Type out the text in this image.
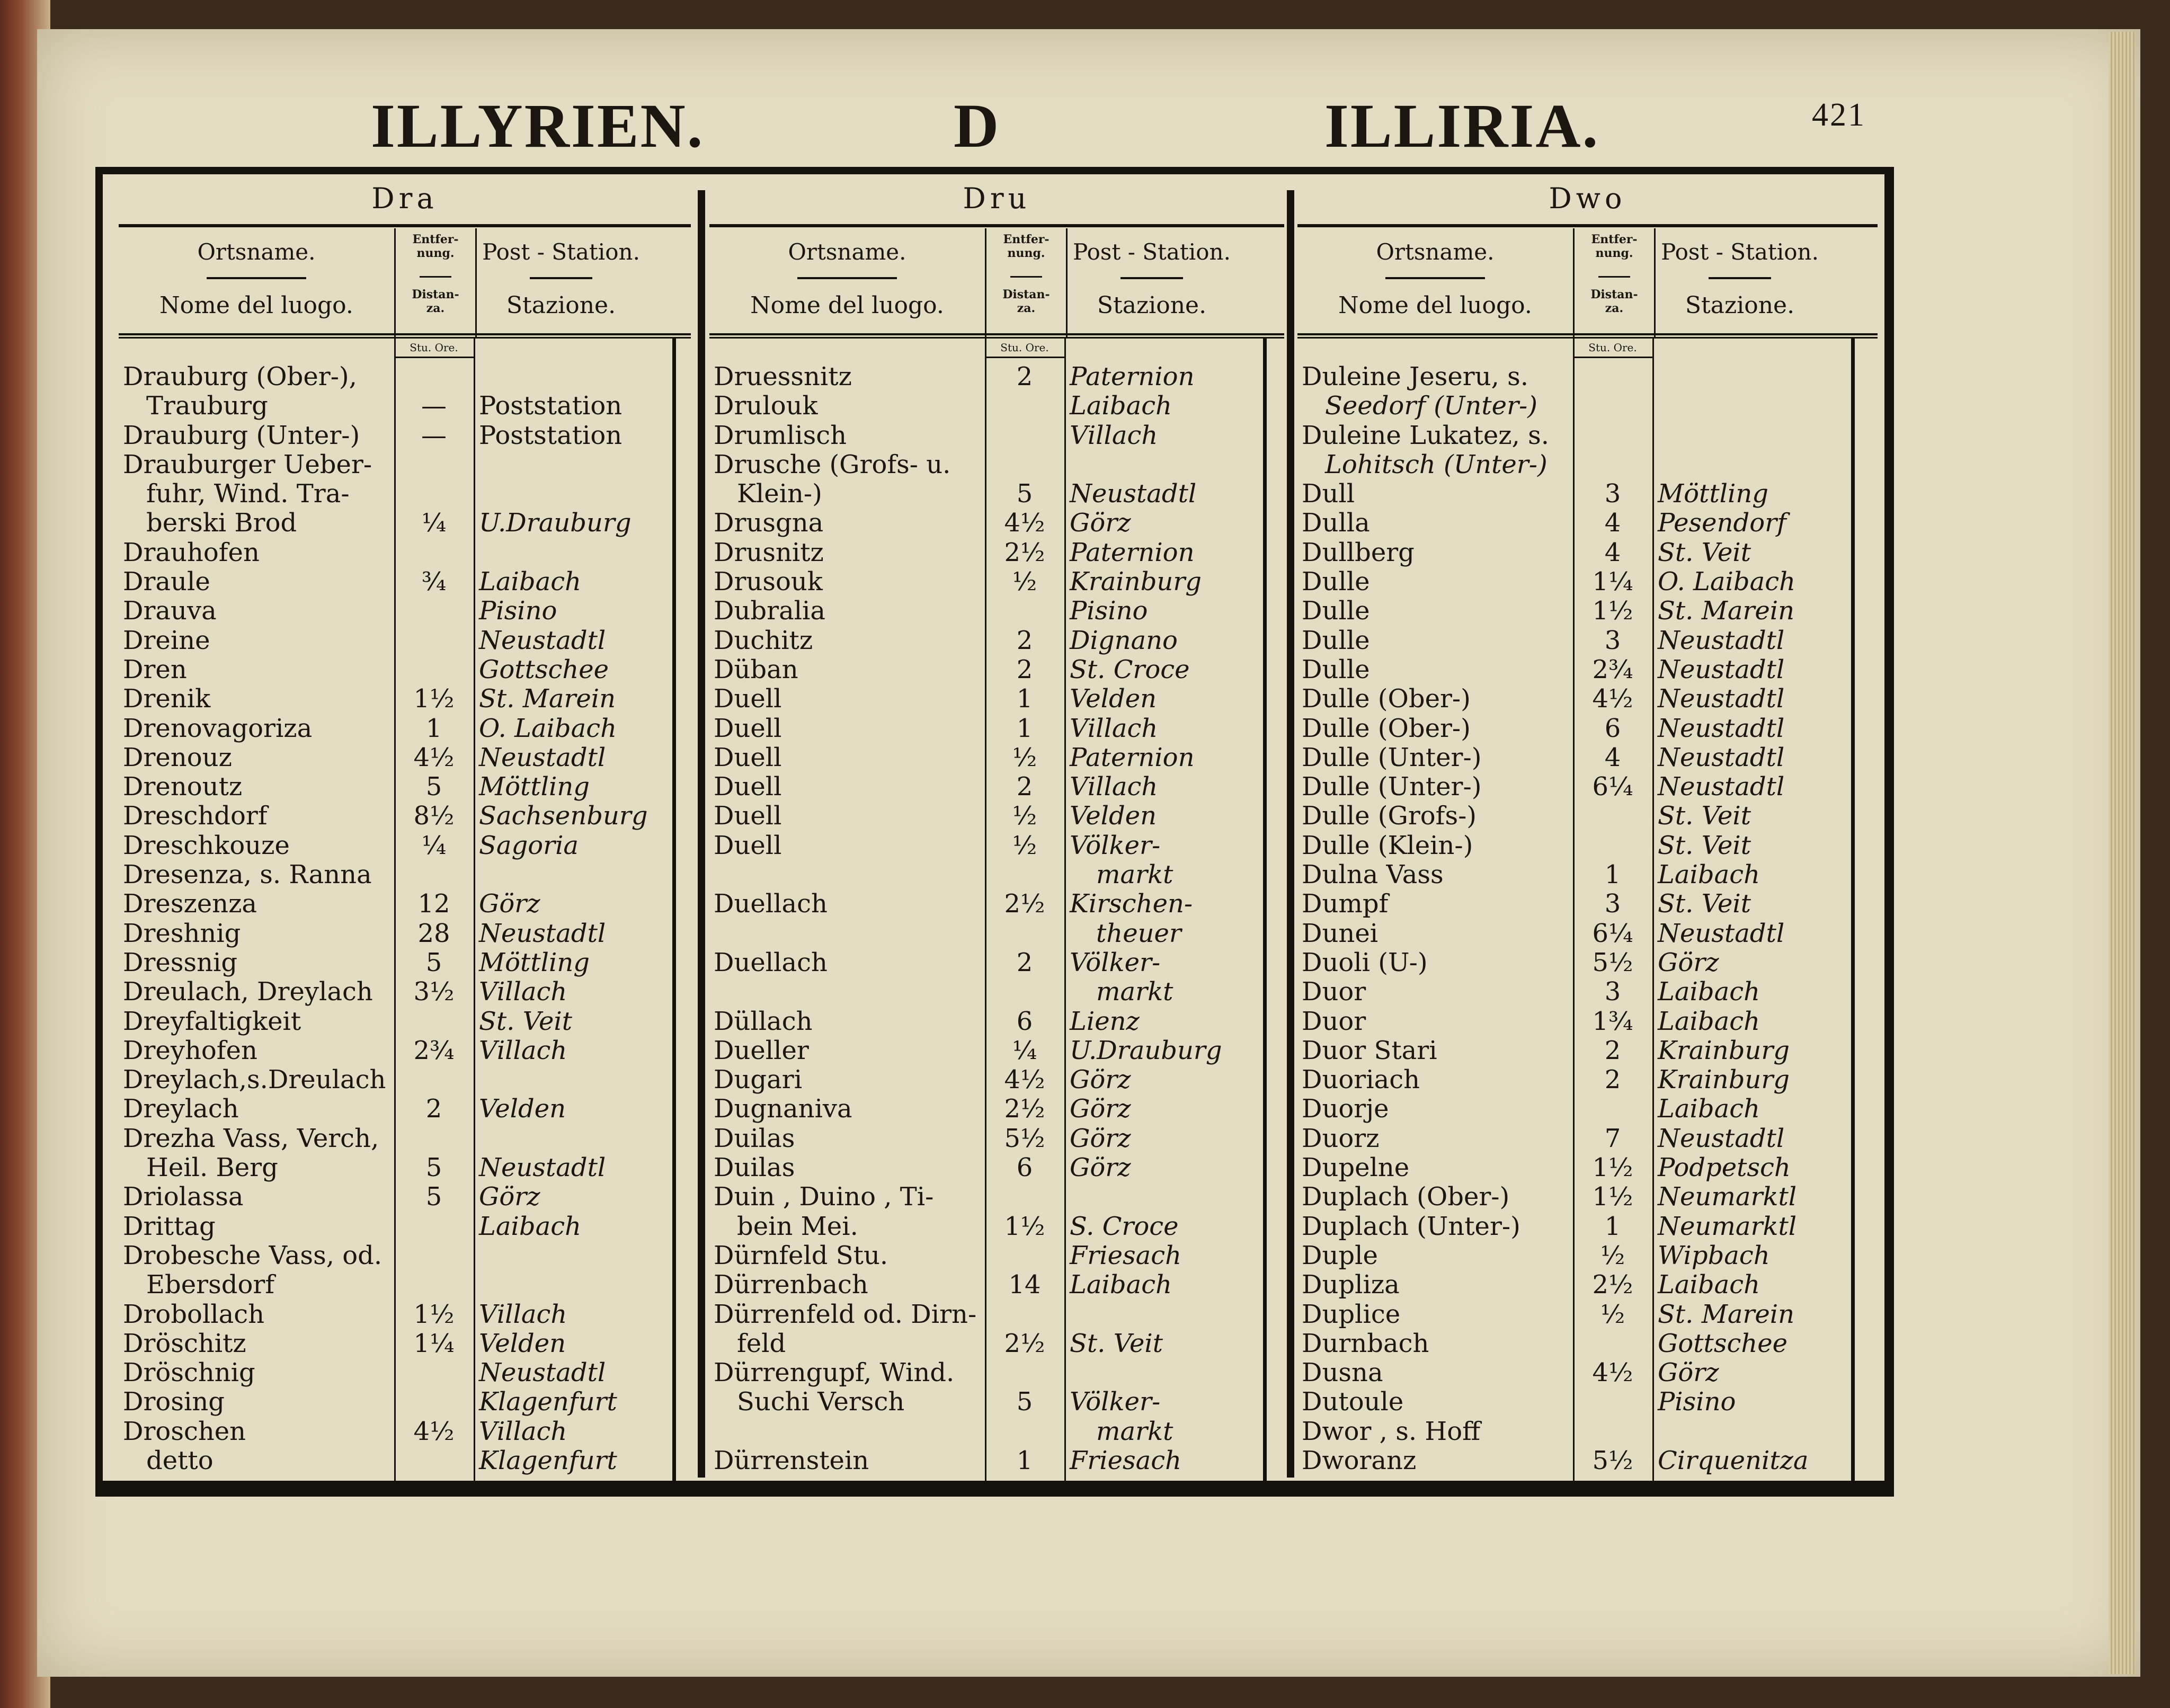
ILLYRIEN.	D	ILLIRIA.	421
Dra
Ortsname.
Nome del luogo.
Entfer-
nung.
Distan-
za.
Post - Station.
Stazione.
Stu. Ore.
Drauburg (Ober-),
Trauburg	—	Poststation
Drauburg (Unter-)	—	Poststation
Drauburger Ueber-
fuhr, Wind. Tra-
berski Brod	¼	U.Drauburg
Drauhofen
Draule	¾	Laibach
Drauva	Pisino
Dreine	Neustadtl
Dren	Gottschee
Drenik	1½ St. Marein
Drenovagoriza	1	O. Laibach
Drenouz	4½ Neustadtl
Drenoutz	5	Möttling
Dreschdorf	8½ Sachsenburg
Dreschkouze	¼	Sagoria
Dresenza, s. Ranna
Dreszenza	12	Görz
Dreshnig	28	Neustadtl
Dressnig	5	Möttling
Dreulach, Dreylach	3½ Villach
Dreyfaltigkeit	St. Veit
Dreyhofen	2¾ Villach
Dreylach,s.Dreulach
Dreylach	2	Velden
Drezha Vass, Verch,
Heil. Berg	5	Neustadtl
Driolassa	5	Görz
Drittag	Laibach
Drobesche Vass, od.
Ebersdorf
Drobollach	1½ Villach
Dröschitz	1¼ Velden
Dröschnig	Neustadtl
Drosing	Klagenfurt
Droschen	4½ Villach
detto	Klagenfurt
Dru
Ortsname.
Nome del luogo.
Entfer-
nung.
Distan-
za.
Post - Station.
Stazione.
Stu. Ore.
Druessnitz	2	Paternion
Drulouk	Laibach
Drumlisch	Villach
Drusche (Grofs- u.
Klein-)	5	Neustadtl
Drusgna	4½ Görz
Drusnitz	2½ Paternion
Drusouk	½	Krainburg
Dubralia	Pisino
Duchitz	2	Dignano
Düban	2	St. Croce
Duell	1	Velden
Duell	1	Villach
Duell	½	Paternion
Duell	2	Villach
Duell	½	Velden
Duell	½	Völker-
markt
Duellach	2½ Kirschen-
theuer
Duellach	2	Völker-
markt
Düllach	6	Lienz
Dueller	¼	U.Drauburg
Dugari	4½ Görz
Dugnaniva	2½ Görz
Duilas	5½ Görz
Duilas	6	Görz
Duin , Duino , Ti-
bein Mei.	1½ S. Croce
Dürnfeld Stu.	Friesach
Dürrenbach	14	Laibach
Dürrenfeld od. Dirn-
feld	2½ St. Veit
Dürrengupf, Wind.
Suchi Versch	5	Völker-
markt
Dürrenstein	1	Friesach
Dwo
Ortsname.
Nome del luogo.
Entfer-
nung.
Distan-
za.
Post - Station.
Stazione.
Stu. Ore.
Duleine Jeseru, s.
Seedorf (Unter-)
Duleine Lukatez, s.
Lohitsch (Unter-)
Dull	3	Möttling
Dulla	4	Pesendorf
Dullberg	4	St. Veit
Dulle	1¼ O. Laibach
Dulle	1½ St. Marein
Dulle	3	Neustadtl
Dulle	2¾ Neustadtl
Dulle (Ober-)	4½ Neustadtl
Dulle (Ober-)	6	Neustadtl
Dulle (Unter-)	4	Neustadtl
Dulle (Unter-)	6¼ Neustadtl
Dulle (Grofs-)	St. Veit
Dulle (Klein-)	St. Veit
Dulna Vass	1	Laibach
Dumpf	3	St. Veit
Dunei	6¼ Neustadtl
Duoli (U-)	5½ Görz
Duor	3	Laibach
Duor	1¾ Laibach
Duor Stari	2	Krainburg
Duoriach	2	Krainburg
Duorje	Laibach
Duorz	7	Neustadtl
Dupelne	1½ Podpetsch
Duplach (Ober-)	1½ Neumarktl
Duplach (Unter-)	1	Neumarktl
Duple	½	Wipbach
Dupliza	2½ Laibach
Duplice	½	St. Marein
Durnbach	Gottschee
Dusna	4½ Görz
Dutoule	Pisino
Dwor , s. Hoff
Dworanz	5½ Cirquenitza
